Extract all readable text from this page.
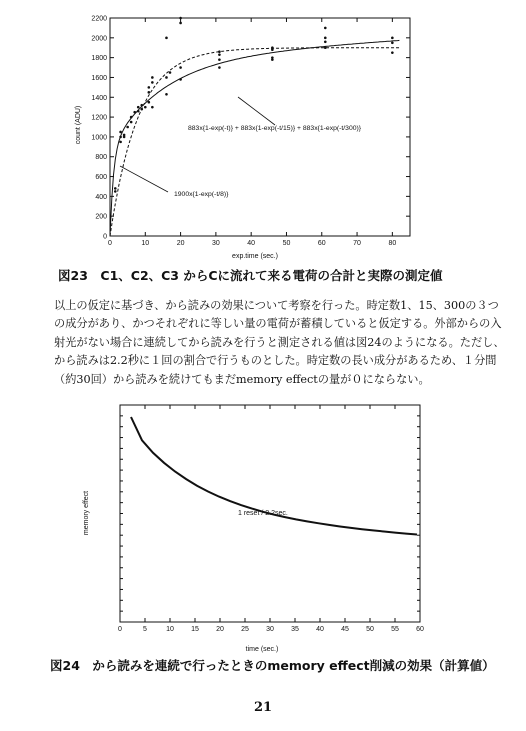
0	10	20	30	40	50	60	70	80
0
200
400
600
800
1000
1200
1400
1600
1800
2000
2200
exp.time (sec.)
count (ADU)	883x{1-exp(-t)} + 883x{1-exp(-t/15)} + 883x{1-exp(-t/300)}
1900x{1-exp(-t/8)}
図23　C1、C2、C3 からCに流れて来る電荷の合計と実際の測定値

以上の仮定に基づき、から読みの効果について考察を行った。時定数1、15、300の３つ

の成分があり、かつそれぞれに等しい量の電荷が蓄積していると仮定する。外部からの入

射光がない場合に連続してから読みを行うと測定される値は図24のようになる。ただし、

から読みは2.2秒に１回の割合で行うものとした。時定数の長い成分があるため、１分間

（約30回）から読みを続けてもまだmemory effectの量が０にならない。

0	5	10 15 20 25 30 35 40 45 50 55 60
time (sec.)
memory effect	1 reset / 2.2sec.
図24　から読みを連続で行ったときのmemory effect削減の効果（計算値）
21
